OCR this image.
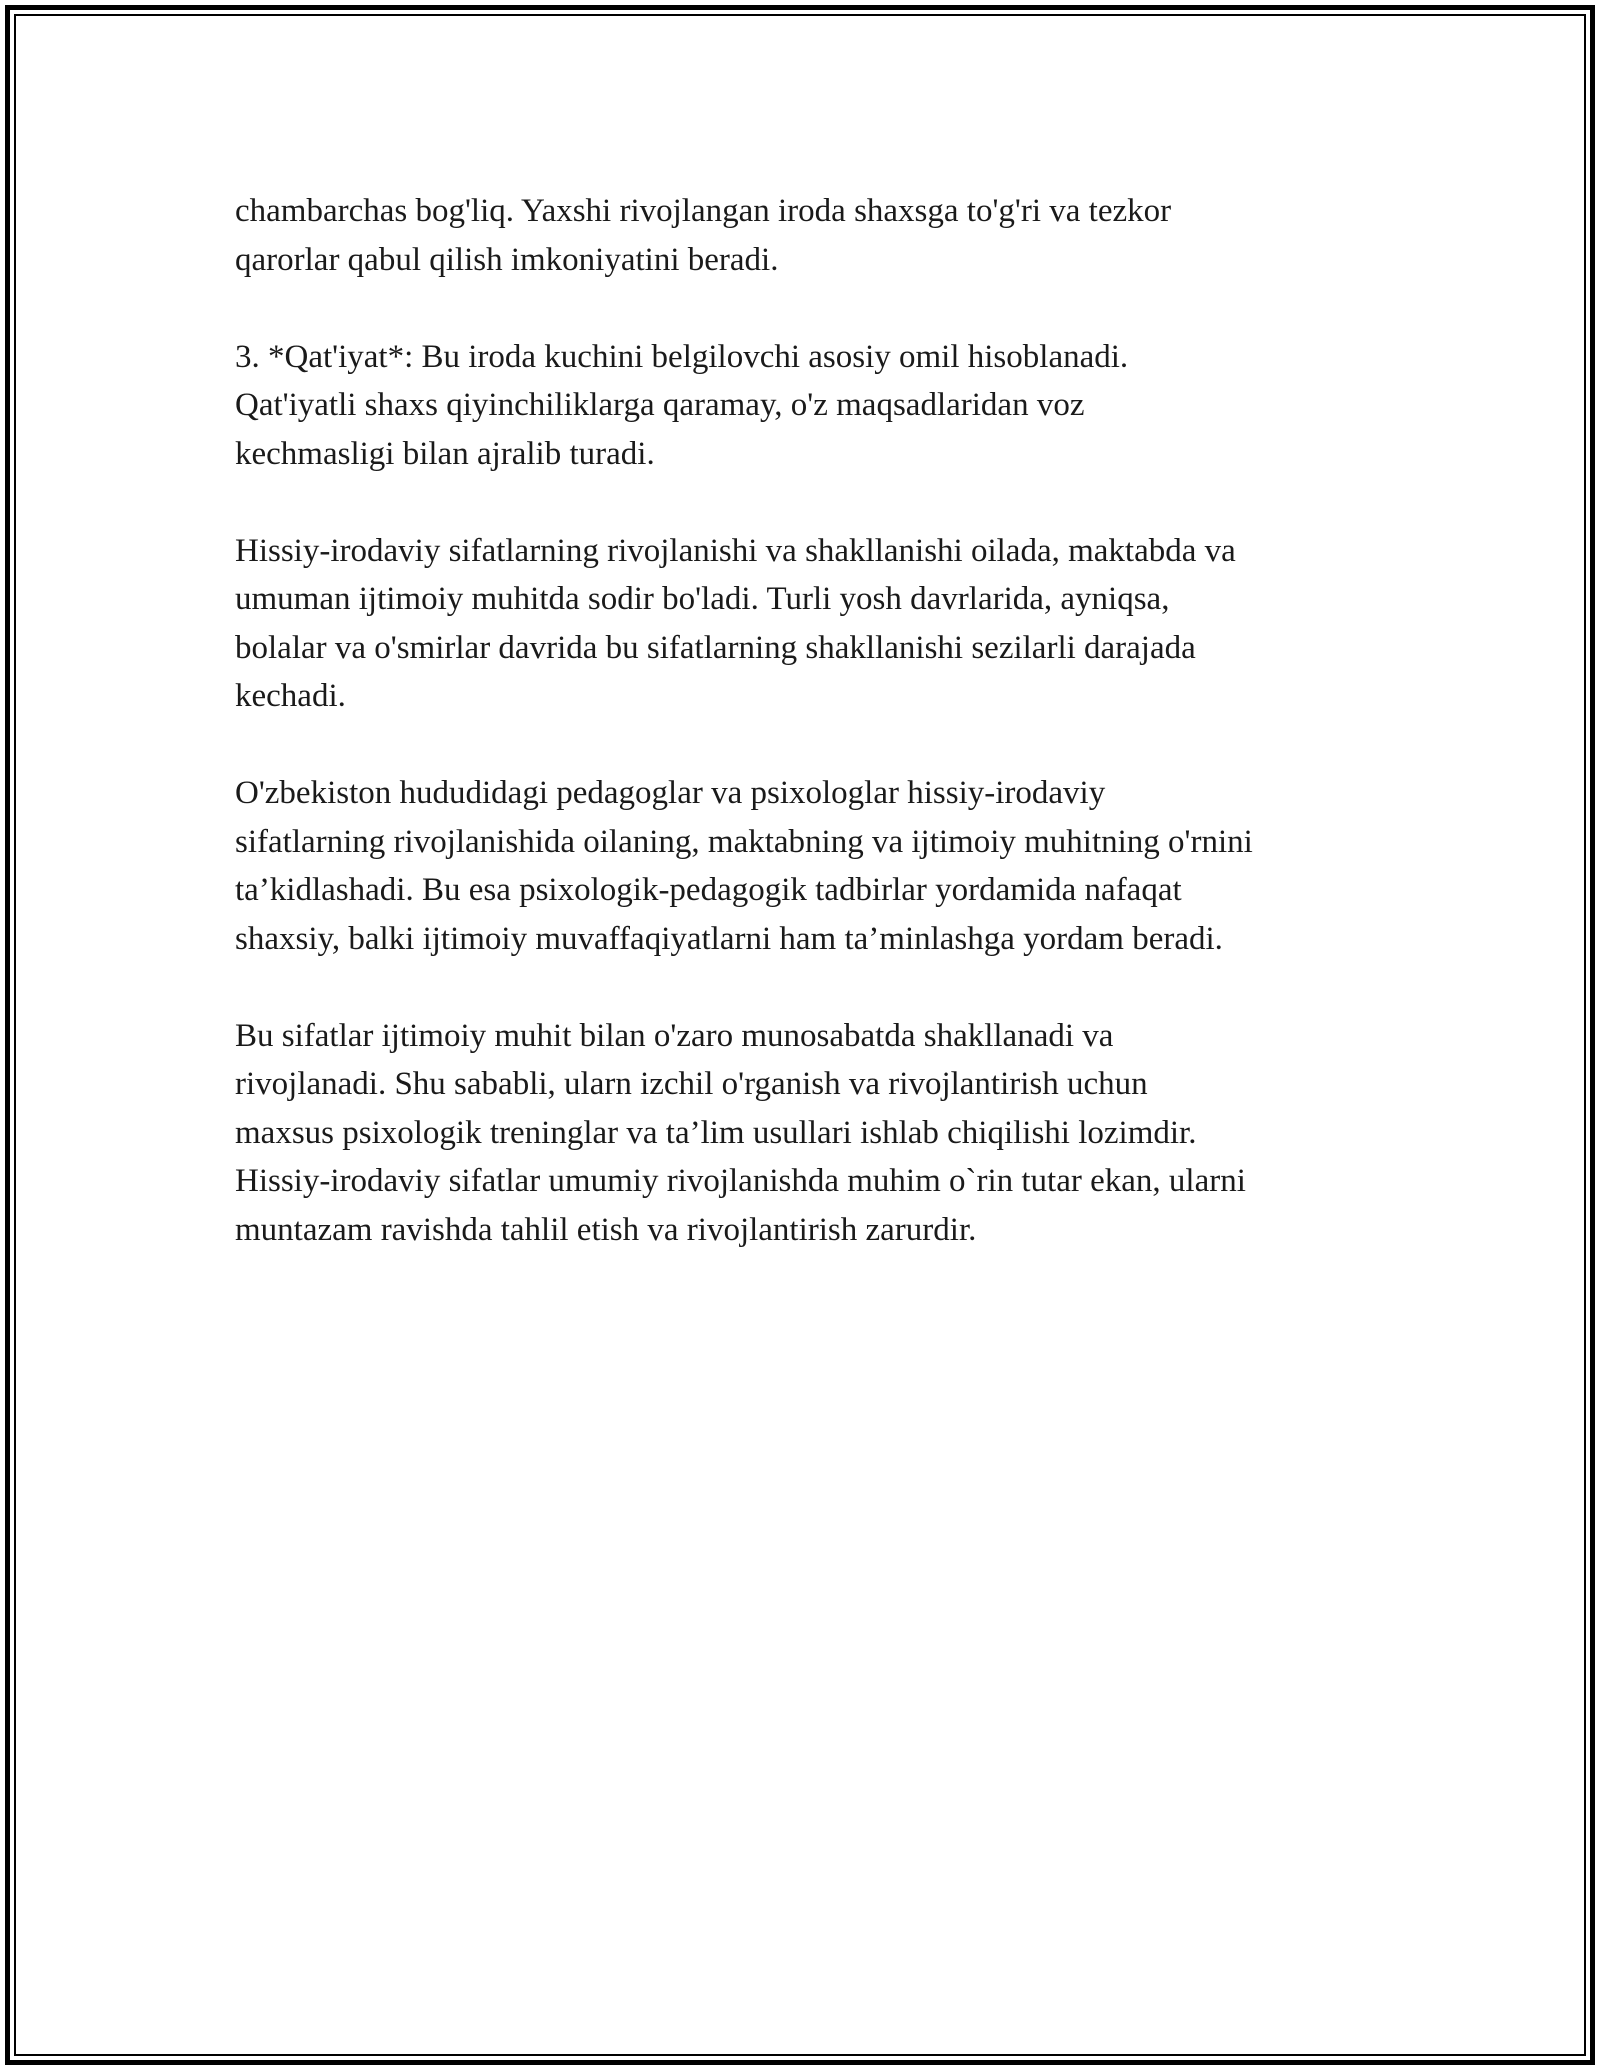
chambarchas bog'liq. Yaxshi rivojlangan iroda shaxsga to'g'ri va tezkor
qarorlar qabul qilish imkoniyatini beradi.

3. *Qat'iyat*: Bu iroda kuchini belgilovchi asosiy omil hisoblanadi.
Qat'iyatli shaxs qiyinchiliklarga qaramay, o'z maqsadlaridan voz
kechmasligi bilan ajralib turadi.

Hissiy-irodaviy sifatlarning rivojlanishi va shakllanishi oilada, maktabda va
umuman ijtimoiy muhitda sodir bo'ladi. Turli yosh davrlarida, ayniqsa,
bolalar va o'smirlar davrida bu sifatlarning shakllanishi sezilarli darajada
kechadi.

O'zbekiston hududidagi pedagoglar va psixologlar hissiy-irodaviy
sifatlarning rivojlanishida oilaning, maktabning va ijtimoiy muhitning o'rnini
ta’kidlashadi. Bu esa psixologik-pedagogik tadbirlar yordamida nafaqat
shaxsiy, balki ijtimoiy muvaffaqiyatlarni ham ta’minlashga yordam beradi.

Bu sifatlar ijtimoiy muhit bilan o'zaro munosabatda shakllanadi va
rivojlanadi. Shu sababli, ularn izchil o'rganish va rivojlantirish uchun
maxsus psixologik treninglar va ta’lim usullari ishlab chiqilishi lozimdir.
Hissiy-irodaviy sifatlar umumiy rivojlanishda muhim o`rin tutar ekan, ularni
muntazam ravishda tahlil etish va rivojlantirish zarurdir.
